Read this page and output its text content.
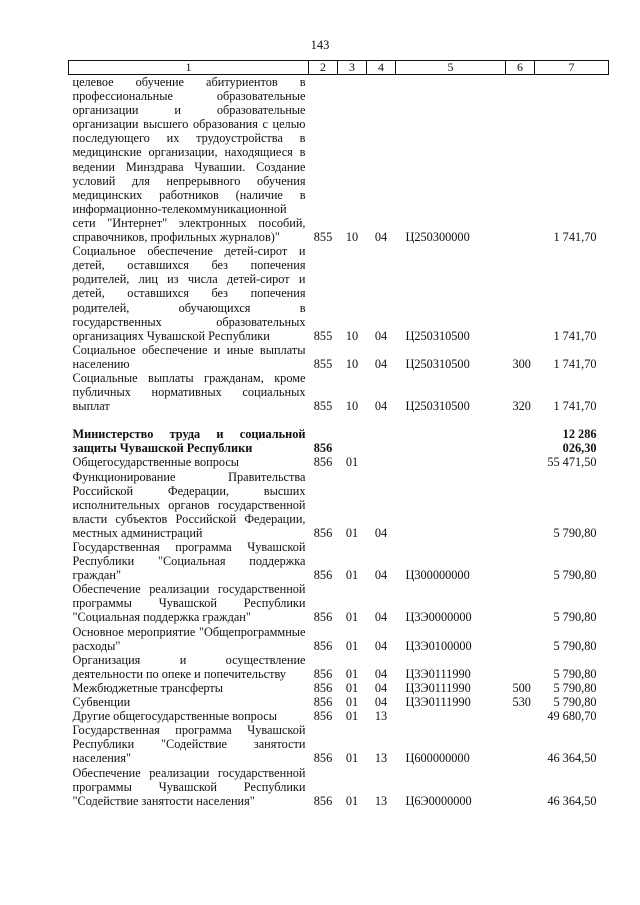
143
1	2	3	4	5	6	7
целевое обучение абитуриентов в профессиональные образовательные организации и образовательные организации высшего образования с целью последующего их трудоустройства в медицинские организации, находящиеся в ведении Минздрава Чувашии. Создание условий для непрерывного обучения медицинских работников (наличие в информационно-телекоммуникационной сети "Интернет" электронных пособий, справочников, профильных журналов)"	855	10	04	Ц250300000		1 741,70
Социальное обеспечение детей-сирот и детей, оставшихся без попечения родителей, лиц из числа детей-сирот и детей, оставшихся без попечения родителей, обучающихся в государственных образовательных организациях Чувашской Республики	855	10	04	Ц250310500		1 741,70
Социальное обеспечение и иные выплаты населению	855	10	04	Ц250310500	300	1 741,70
Социальные выплаты гражданам, кроме публичных нормативных социальных выплат	855	10	04	Ц250310500	320	1 741,70

Министерство труда и социальной защиты Чувашской Республики	856					12 286 026,30
Общегосударственные вопросы	856	01				55 471,50
Функционирование Правительства Российской Федерации, высших исполнительных органов государственной власти субъектов Российской Федерации, местных администраций	856	01	04			5 790,80
Государственная программа Чувашской Республики "Социальная поддержка граждан"	856	01	04	Ц300000000		5 790,80
Обеспечение реализации государственной программы Чувашской Республики "Социальная поддержка граждан"	856	01	04	Ц3Э0000000		5 790,80
Основное мероприятие "Общепрограммные расходы"	856	01	04	Ц3Э0100000		5 790,80
Организация и осуществление деятельности по опеке и попечительству	856	01	04	Ц3Э0111990		5 790,80
Межбюджетные трансферты	856	01	04	Ц3Э0111990	500	5 790,80
Субвенции	856	01	04	Ц3Э0111990	530	5 790,80
Другие общегосударственные вопросы	856	01	13			49 680,70
Государственная программа Чувашской Республики "Содействие занятости населения"	856	01	13	Ц600000000		46 364,50
Обеспечение реализации государственной программы Чувашской Республики "Содействие занятости населения"	856	01	13	Ц6Э0000000		46 364,50
